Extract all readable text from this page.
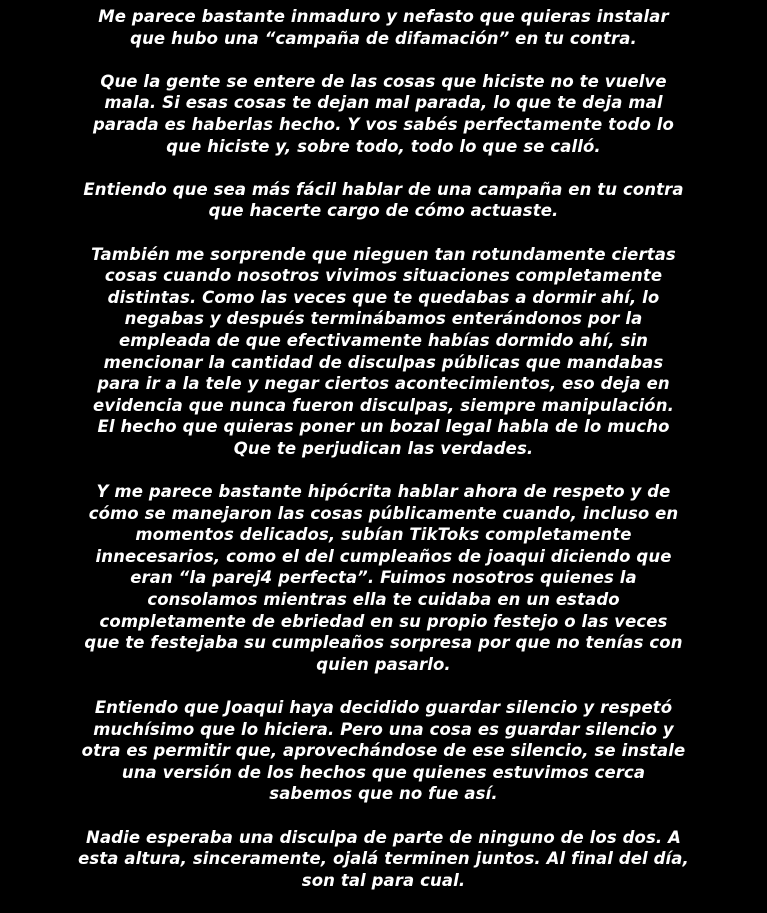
Me parece bastante inmaduro y nefasto que quieras instalar
que hubo una “campaña de difamación” en tu contra.

Que la gente se entere de las cosas que hiciste no te vuelve
mala. Si esas cosas te dejan mal parada, lo que te deja mal
parada es haberlas hecho. Y vos sabés perfectamente todo lo
que hiciste y, sobre todo, todo lo que se calló.

Entiendo que sea más fácil hablar de una campaña en tu contra
que hacerte cargo de cómo actuaste.

También me sorprende que nieguen tan rotundamente ciertas
cosas cuando nosotros vivimos situaciones completamente
distintas. Como las veces que te quedabas a dormir ahí, lo
negabas y después terminábamos enterándonos por la
empleada de que efectivamente habías dormido ahí, sin
mencionar la cantidad de disculpas públicas que mandabas
para ir a la tele y negar ciertos acontecimientos, eso deja en
evidencia que nunca fueron disculpas, siempre manipulación.
El hecho que quieras poner un bozal legal habla de lo mucho
Que te perjudican las verdades.

Y me parece bastante hipócrita hablar ahora de respeto y de
cómo se manejaron las cosas públicamente cuando, incluso en
momentos delicados, subían TikToks completamente
innecesarios, como el del cumpleaños de joaqui diciendo que
eran “la parej4 perfecta”. Fuimos nosotros quienes la
consolamos mientras ella te cuidaba en un estado
completamente de ebriedad en su propio festejo o las veces
que te festejaba su cumpleaños sorpresa por que no tenías con
quien pasarlo.

Entiendo que Joaqui haya decidido guardar silencio y respetó
muchísimo que lo hiciera. Pero una cosa es guardar silencio y
otra es permitir que, aprovechándose de ese silencio, se instale
una versión de los hechos que quienes estuvimos cerca
sabemos que no fue así.

Nadie esperaba una disculpa de parte de ninguno de los dos. A
esta altura, sinceramente, ojalá terminen juntos. Al final del día,
son tal para cual.
